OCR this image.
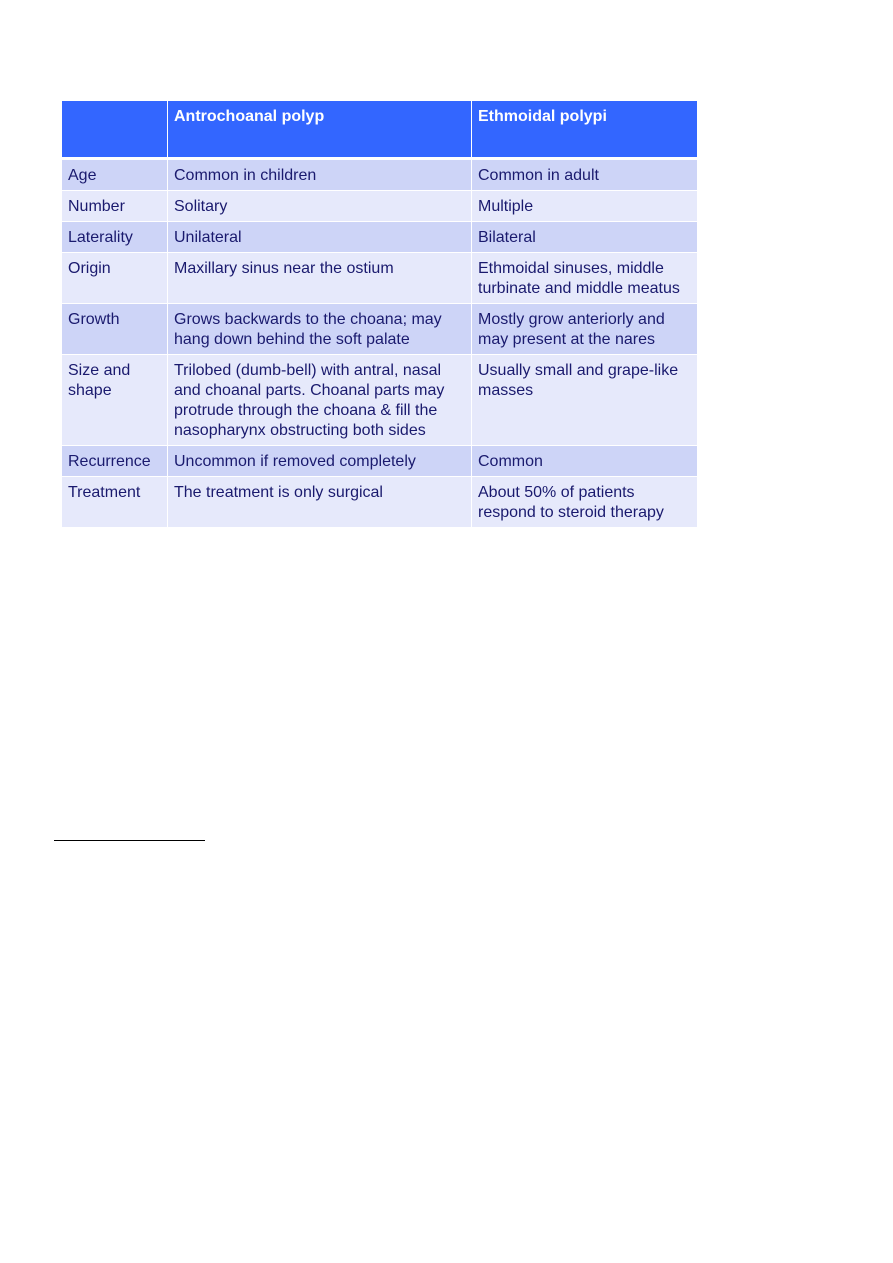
	Antrochoanal polyp	Ethmoidal polypi
Age	Common in children	Common in adult
Number	Solitary	Multiple
Laterality	Unilateral	Bilateral
Origin	Maxillary sinus near the ostium	Ethmoidal sinuses, middle turbinate and middle meatus
Growth	Grows backwards to the choana; may hang down behind the soft palate	Mostly grow anteriorly and may present at the nares
Size and shape	Trilobed (dumb-bell) with antral, nasal and choanal parts. Choanal parts may protrude through the choana & fill the nasopharynx obstructing both sides	Usually small and grape-like masses
Recurrence	Uncommon if removed completely	Common
Treatment	The treatment is only surgical	About 50% of patients respond to steroid therapy
